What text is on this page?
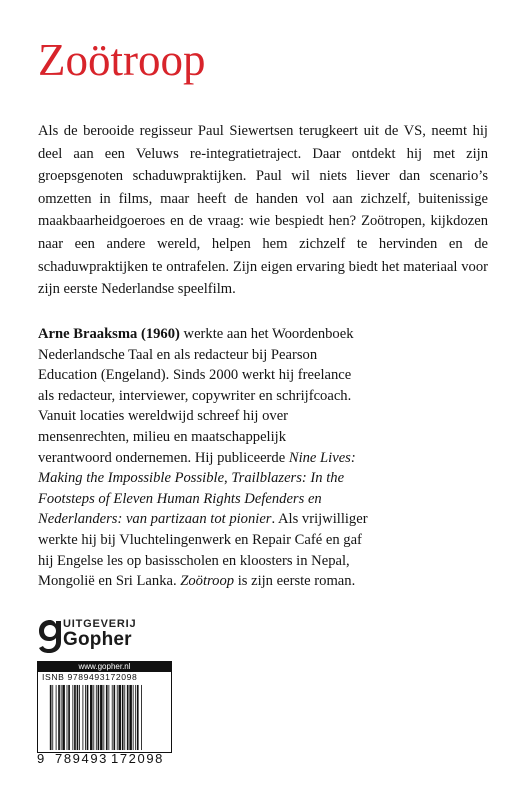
Zoötroop

Als de berooide regisseur Paul Siewertsen terugkeert uit de VS, neemt hij deel aan een Veluws re-integratietraject. Daar ontdekt hij met zijn groepsgenoten schaduwpraktijken. Paul wil niets liever dan scenario’s omzetten in films, maar heeft de handen vol aan zichzelf, buitenissige maakbaarheidgoeroes en de vraag: wie bespiedt hen? Zoötropen, kijkdozen naar een andere wereld, helpen hem zichzelf te hervinden en de schaduwpraktijken te ontrafelen. Zijn eigen ervaring biedt het materiaal voor zijn eerste Nederlandse speelfilm.

Arne Braaksma (1960) werkte aan het Woordenboek
Nederlandsche Taal en als redacteur bij Pearson
Education (Engeland). Sinds 2000 werkt hij freelance
als redacteur, interviewer, copywriter en schrijfcoach.
Vanuit locaties wereldwijd schreef hij over
mensenrechten, milieu en maatschappelijk
verantwoord ondernemen. Hij publiceerde Nine Lives:
Making the Impossible Possible, Trailblazers: In the
Footsteps of Eleven Human Rights Defenders en
Nederlanders: van partizaan tot pionier. Als vrijwilliger
werkte hij bij Vluchtelingenwerk en Repair Café en gaf
hij Engelse les op basisscholen en kloosters in Nepal,
Mongolië en Sri Lanka. Zoötroop is zijn eerste roman.
UITGEVERIJ
Gopher
www.gopher.nl
ISNB 9789493172098
9 789493 172098
